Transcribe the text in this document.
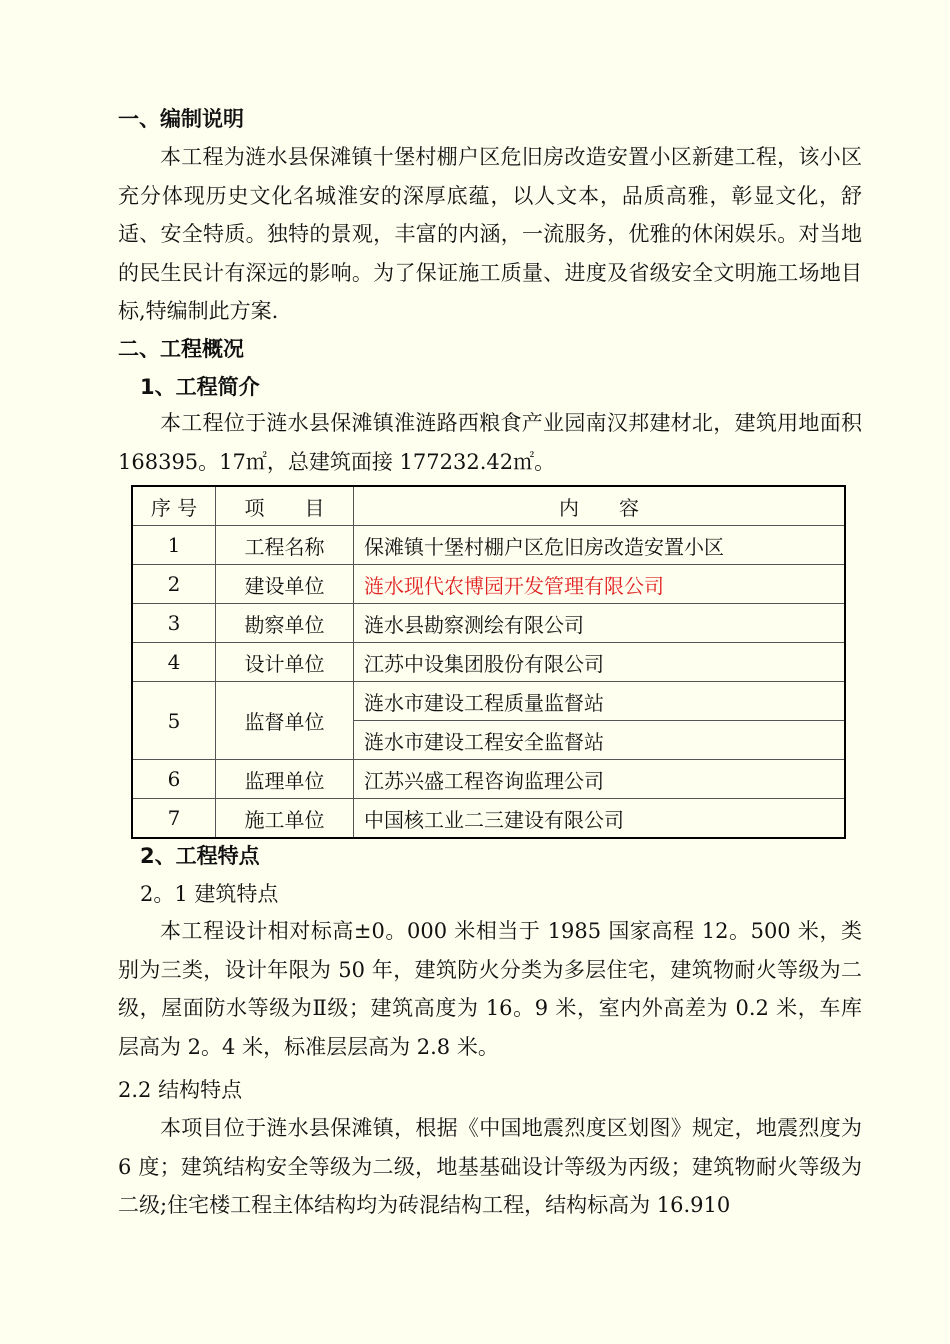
一、编制说明

本工程为涟水县保滩镇十堡村棚户区危旧房改造安置小区新建工程，该小区充分体现历史文化名城淮安的深厚底蕴，以人文本，品质高雅，彰显文化，舒适、安全特质。独特的景观，丰富的内涵，一流服务，优雅的休闲娱乐。对当地的民生民计有深远的影响。为了保证施工质量、进度及省级安全文明施工场地目标,特编制此方案.

二、工程概况
1、工程简介

本工程位于涟水县保滩镇淮涟路西粮食产业园南汉邦建材北，建筑用地面积 168395。17㎡，总建筑面接 177232.42㎡。

序 号	项　　目	内　　容
1	工程名称	保滩镇十堡村棚户区危旧房改造安置小区
2	建设单位	涟水现代农博园开发管理有限公司
3	勘察单位	涟水县勘察测绘有限公司
4	设计单位	江苏中设集团股份有限公司
5	监督单位	涟水市建设工程质量监督站
		涟水市建设工程安全监督站
6	监理单位	江苏兴盛工程咨询监理公司
7	施工单位	中国核工业二三建设有限公司
2、工程特点
2。1 建筑特点

本工程设计相对标高±0。000 米相当于 1985 国家高程 12。500 米，类别为三类，设计年限为 50 年，建筑防火分类为多层住宅，建筑物耐火等级为二级，屋面防水等级为Ⅱ级；建筑高度为 16。9 米，室内外高差为 0.2 米，车库层高为 2。4 米，标准层层高为 2.8 米。

2.2 结构特点

本项目位于涟水县保滩镇，根据《中国地震烈度区划图》规定，地震烈度为 6 度；建筑结构安全等级为二级，地基基础设计等级为丙级；建筑物耐火等级为二级;住宅楼工程主体结构均为砖混结构工程，结构标高为 16.910
